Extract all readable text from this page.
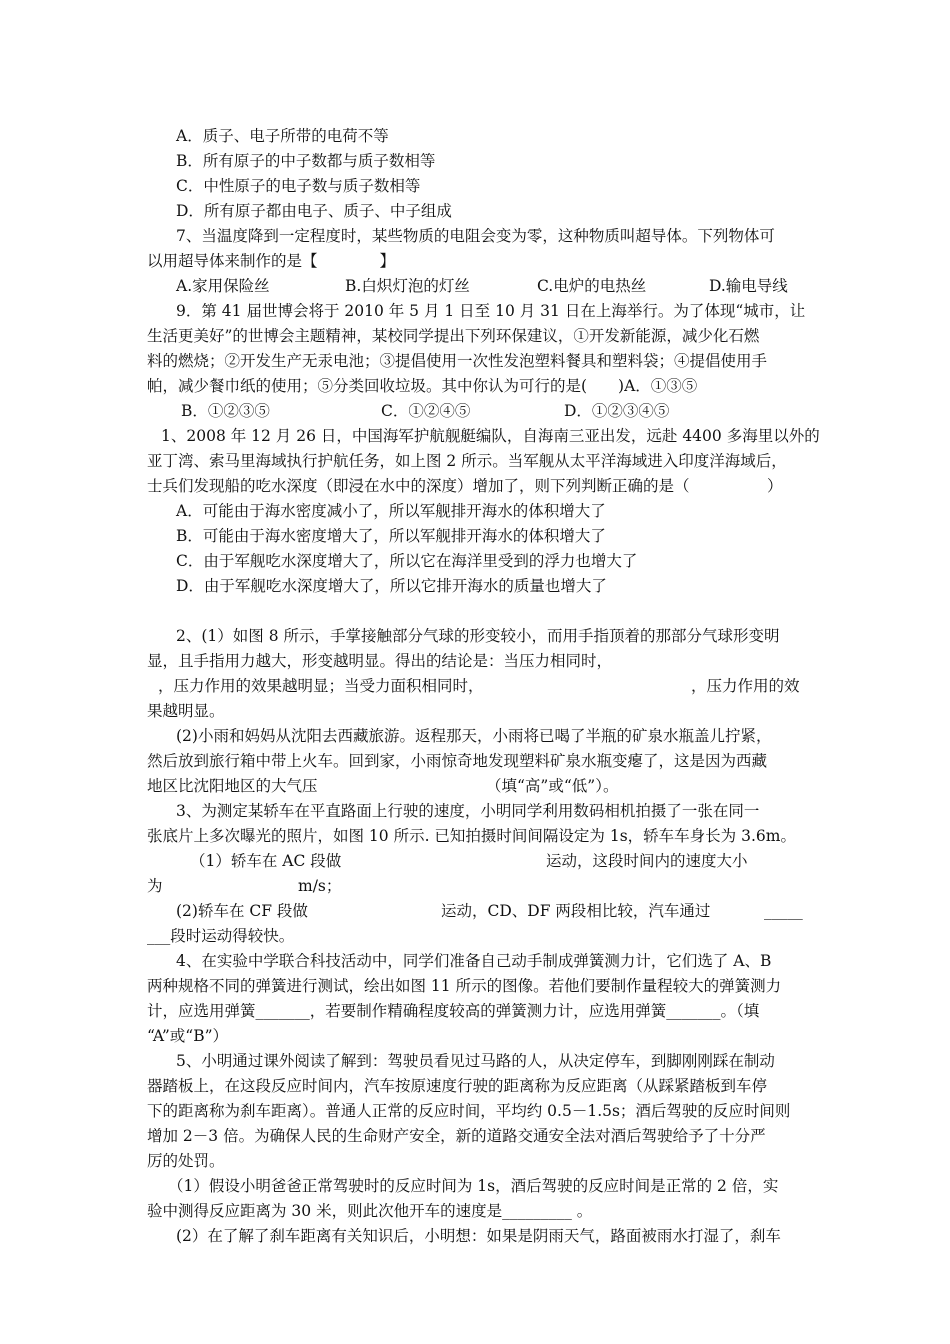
A．质子、电子所带的电荷不等
B．所有原子的中子数都与质子数相等
C．中性原子的电子数与质子数相等
D．所有原子都由电子、质子、中子组成
7、当温度降到一定程度时，某些物质的电阻会变为零，这种物质叫超导体。下列物体可
以用超导体来制作的是【　　　　】
A.家用保险丝	B.白炽灯泡的灯丝	C.电炉的电热丝	D.输电导线
9．第 41 届世博会将于 2010 年 5 月 1 日至 10 月 31 日在上海举行。为了体现“城市，让
生活更美好”的世博会主题精神，某校同学提出下列环保建议，①开发新能源，减少化石燃
料的燃烧；②开发生产无汞电池；③提倡使用一次性发泡塑料餐具和塑料袋；④提倡使用手
帕，减少餐巾纸的使用；⑤分类回收垃圾。其中你认为可行的是(　　)A．①③⑤
B．①②③⑤	C．①②④⑤	D．①②③④⑤
1、2008 年 12 月 26 日，中国海军护航舰艇编队，自海南三亚出发，远赴 4400 多海里以外的
亚丁湾、索马里海域执行护航任务，如上图 2 所示。当军舰从太平洋海域进入印度洋海域后，
士兵们发现船的吃水深度（即浸在水中的深度）增加了，则下列判断正确的是（　　　　　）
A．可能由于海水密度减小了，所以军舰排开海水的体积增大了
B．可能由于海水密度增大了，所以军舰排开海水的体积增大了
C．由于军舰吃水深度增大了，所以它在海洋里受到的浮力也增大了
D．由于军舰吃水深度增大了，所以它排开海水的质量也增大了
2、(1）如图 8 所示，手掌接触部分气球的形变较小，而用手指顶着的那部分气球形变明
显，且手指用力越大，形变越明显。得出的结论是：当压力相同时，
，压力作用的效果越明显；当受力面积相同时，	，压力作用的效
果越明显。
(2)小雨和妈妈从沈阳去西藏旅游。返程那天，小雨将已喝了半瓶的矿泉水瓶盖儿拧紧，
然后放到旅行箱中带上火车。回到家，小雨惊奇地发现塑料矿泉水瓶变瘪了，这是因为西藏
地区比沈阳地区的大气压	（填“高”或“低”）。
3、为测定某轿车在平直路面上行驶的速度，小明同学利用数码相机拍摄了一张在同一
张底片上多次曝光的照片，如图 10 所示. 已知拍摄时间间隔设定为 1s，轿车车身长为 3.6m。
（1）轿车在 AC 段做	运动，这段时间内的速度大小
为	m/s；
(2)轿车在 CF 段做	运动，CD、DF 两段相比较，汽车通过	_____
___段时运动得较快。
4、在实验中学联合科技活动中，同学们准备自己动手制成弹簧测力计，它们选了 A、B
两种规格不同的弹簧进行测试，绘出如图 11 所示的图像。若他们要制作量程较大的弹簧测力
计，应选用弹簧_______，若要制作精确程度较高的弹簧测力计，应选用弹簧_______。（填
“A”或“B”）
5、小明通过课外阅读了解到：驾驶员看见过马路的人，从决定停车，到脚刚刚踩在制动
器踏板上，在这段反应时间内，汽车按原速度行驶的距离称为反应距离（从踩紧踏板到车停
下的距离称为刹车距离）。普通人正常的反应时间，平均约 0.5－1.5s；酒后驾驶的反应时间则
增加 2－3 倍。为确保人民的生命财产安全，新的道路交通安全法对酒后驾驶给予了十分严
厉的处罚。
（1）假设小明爸爸正常驾驶时的反应时间为 1s，酒后驾驶的反应时间是正常的 2 倍，实
验中测得反应距离为 30 米，则此次他开车的速度是_________ 。
(2）在了解了刹车距离有关知识后，小明想：如果是阴雨天气，路面被雨水打湿了，刹车
